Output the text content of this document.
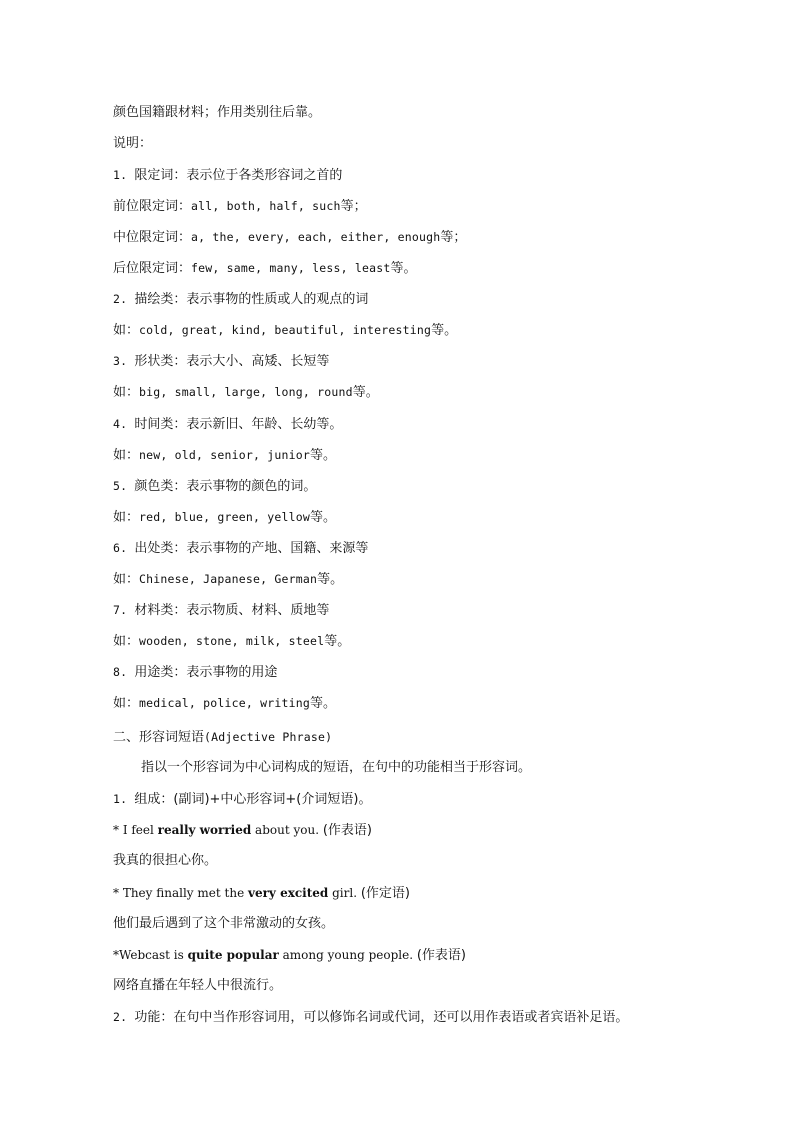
颜色国籍跟材料；作用类别往后靠。
说明：
1. 限定词：表示位于各类形容词之首的
前位限定词：all, both, half, such等；
中位限定词：a, the, every, each, either, enough等；
后位限定词：few, same, many, less, least等。
2. 描绘类：表示事物的性质或人的观点的词
如：cold, great, kind, beautiful, interesting等。
3. 形状类：表示大小、高矮、长短等
如：big, small, large, long, round等。
4. 时间类：表示新旧、年龄、长幼等。
如：new, old, senior, junior等。
5. 颜色类：表示事物的颜色的词。
如：red, blue, green, yellow等。
6. 出处类：表示事物的产地、国籍、来源等
如：Chinese, Japanese, German等。
7. 材料类：表示物质、材料、质地等
如：wooden, stone, milk, steel等。
8. 用途类：表示事物的用途
如：medical, police, writing等。
二、形容词短语(Adjective Phrase)
指以一个形容词为中心词构成的短语，在句中的功能相当于形容词。
1. 组成：(副词)+中心形容词+(介词短语)。
* I feel really worried about you. (作表语)
我真的很担心你。
* They finally met the very excited girl. (作定语)
他们最后遇到了这个非常激动的女孩。
*Webcast is quite popular among young people. (作表语)
网络直播在年轻人中很流行。
2. 功能：在句中当作形容词用，可以修饰名词或代词，还可以用作表语或者宾语补足语。
